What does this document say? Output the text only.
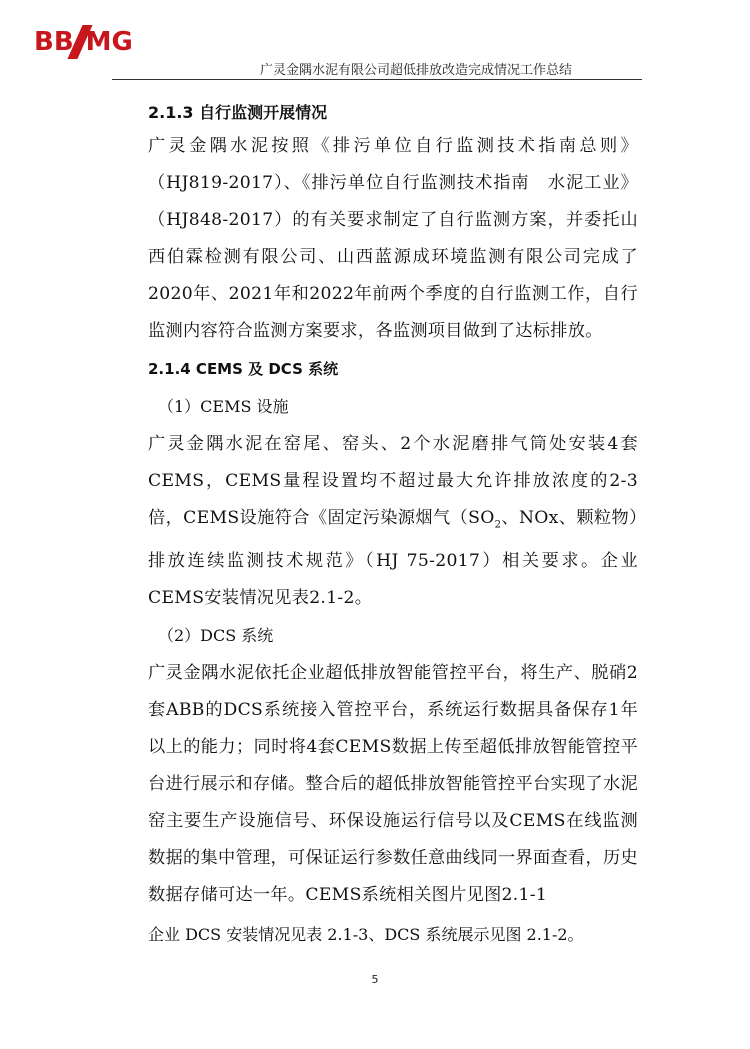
BB MG
广灵金隅水泥有限公司超低排放改造完成情况工作总结
2.1.3 自行监测开展情况

广灵金隅水泥按照《排污单位自行监测技术指南总则》（HJ819-2017）、《排污单位自行监测技术指南　水泥工业》（HJ848-2017）的有关要求制定了自行监测方案，并委托山西伯霖检测有限公司、山西蓝源成环境监测有限公司完成了2020年、2021年和2022年前两个季度的自行监测工作，自行监测内容符合监测方案要求，各监测项目做到了达标排放。

2.1.4 CEMS 及 DCS 系统
（1）CEMS 设施

广灵金隅水泥在窑尾、窑头、2个水泥磨排气筒处安装4套CEMS，CEMS量程设置均不超过最大允许排放浓度的2-3倍，CEMS设施符合《固定污染源烟气（$SO_2$、NOx、颗粒物）排放连续监测技术规范》（HJ 75-2017）相关要求。企业CEMS安装情况见表2.1-2。

（2）DCS 系统

广灵金隅水泥依托企业超低排放智能管控平台，将生产、脱硝2套ABB的DCS系统接入管控平台，系统运行数据具备保存1年以上的能力；同时将4套CEMS数据上传至超低排放智能管控平台进行展示和存储。整合后的超低排放智能管控平台实现了水泥窑主要生产设施信号、环保设施运行信号以及CEMS在线监测数据的集中管理，可保证运行参数任意曲线同一界面查看，历史数据存储可达一年。CEMS系统相关图片见图2.1-1

企业 DCS 安装情况见表 2.1-3、DCS 系统展示见图 2.1-2。

5
